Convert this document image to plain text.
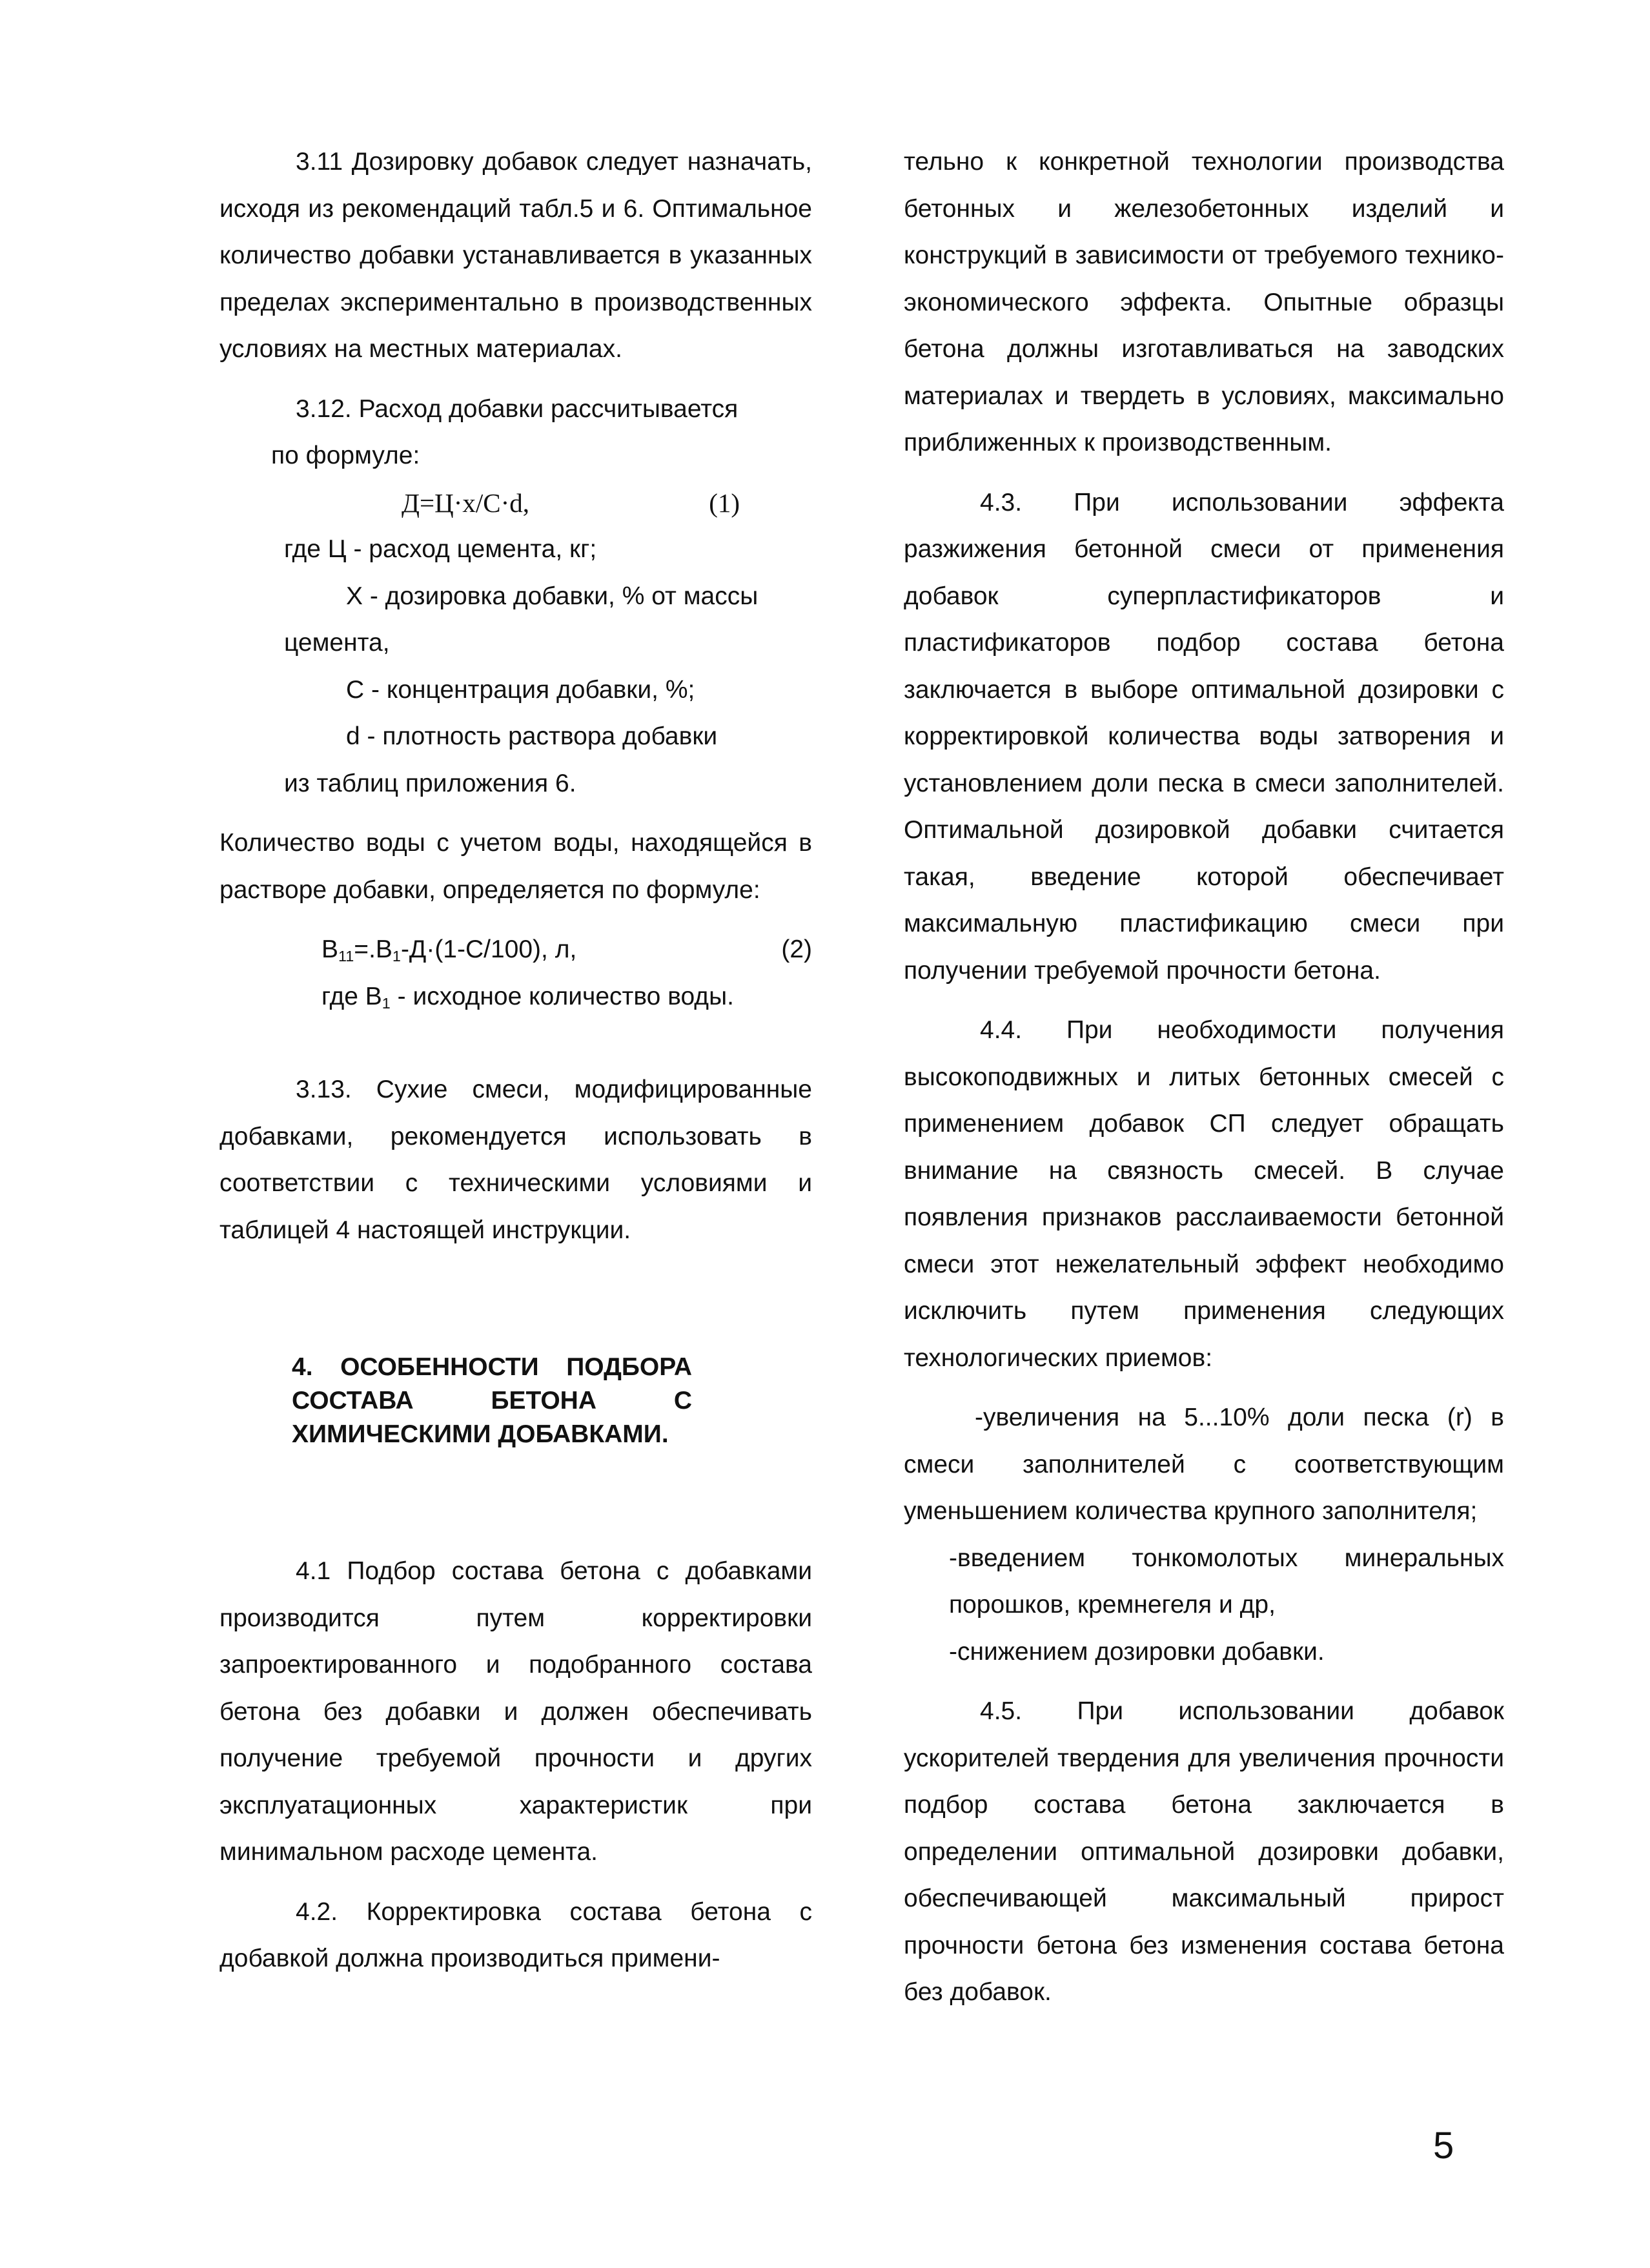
3.11 Дозировку добавок следует назначать, исходя из рекомендаций табл.5 и 6. Оптимальное количество добавки устанавливается в указанных пределах экспериментально в производственных условиях на местных материалах.

3.12. Расход добавки рассчитывается

по формуле:

Д=Ц·х/С·d,	(1)

где Ц - расход цемента, кг;

Х - дозировка добавки, % от массы

цемента,

С - концентрация добавки, %;

d - плотность раствора добавки

из таблиц приложения 6.

Количество воды с учетом воды, находящейся в растворе добавки, определяется по формуле:

$В_{11}=.В_1-Д\cdot(1-С/100)$, л,	(2)

где $В_1$ - исходное количество воды.

3.13. Сухие смеси, модифицированные добавками, рекомендуется использовать в соответствии с техническими условиями и таблицей 4 настоящей инструкции.

4. ОСОБЕННОСТИ ПОДБОРА
СОСТАВА БЕТОНА С
ХИМИЧЕСКИМИ ДОБАВКАМИ.

4.1 Подбор состава бетона с добавками производится путем корректировки запроектированного и подобранного состава бетона без добавки и должен обеспечивать получение требуемой прочности и других эксплуатационных характеристик при минимальном расходе цемента.

4.2. Корректировка состава бетона с добавкой должна производиться примени-

тельно к конкретной технологии производства бетонных и железобетонных изделий и конструкций в зависимости от требуемого технико-экономического эффекта. Опытные образцы бетона должны изготавливаться на заводских материалах и твердеть в условиях, максимально приближенных к производственным.

4.3. При использовании эффекта разжижения бетонной смеси от применения добавок суперпластификаторов и пластификаторов подбор состава бетона заключается в выборе оптимальной дозировки с корректировкой количества воды затворения и установлением доли песка в смеси заполнителей. Оптимальной дозировкой добавки считается такая, введение которой обеспечивает максимальную пластификацию смеси при получении требуемой прочности бетона.

4.4. При необходимости получения высокоподвижных и литых бетонных смесей с применением добавок СП следует обращать внимание на связность смесей. В случае появления признаков расслаиваемости бетонной смеси этот нежелательный эффект необходимо исключить путем применения следующих технологических приемов:

-увеличения на 5...10% доли песка (r) в смеси заполнителей с соответствующим уменьшением количества крупного заполнителя;

-введением тонкомолотых минеральных порошков, кремнегеля и др,

-снижением дозировки добавки.

4.5. При использовании добавок ускорителей твердения для увеличения прочности подбор состава бетона заключается в определении оптимальной дозировки добавки, обеспечивающей максимальный прирост прочности бетона без изменения состава бетона без добавок.

5
